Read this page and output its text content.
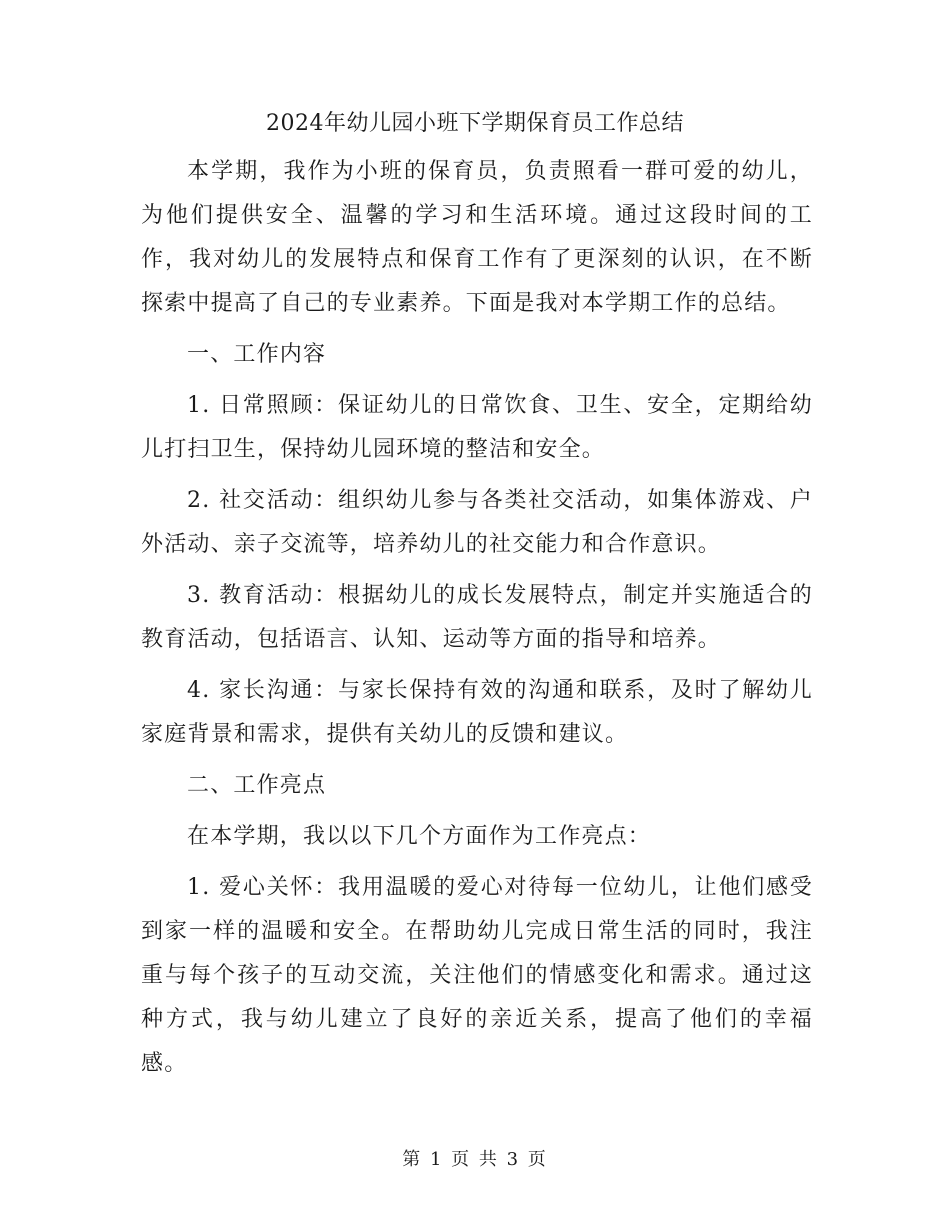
2024年幼儿园小班下学期保育员工作总结

本学期，我作为小班的保育员，负责照看一群可爱的幼儿，为他们提供安全、温馨的学习和生活环境。通过这段时间的工作，我对幼儿的发展特点和保育工作有了更深刻的认识，在不断探索中提高了自己的专业素养。下面是我对本学期工作的总结。

一、工作内容

1. 日常照顾：保证幼儿的日常饮食、卫生、安全，定期给幼儿打扫卫生，保持幼儿园环境的整洁和安全。

2. 社交活动：组织幼儿参与各类社交活动，如集体游戏、户外活动、亲子交流等，培养幼儿的社交能力和合作意识。

3. 教育活动：根据幼儿的成长发展特点，制定并实施适合的教育活动，包括语言、认知、运动等方面的指导和培养。

4. 家长沟通：与家长保持有效的沟通和联系，及时了解幼儿家庭背景和需求，提供有关幼儿的反馈和建议。

二、工作亮点

在本学期，我以以下几个方面作为工作亮点：

1. 爱心关怀：我用温暖的爱心对待每一位幼儿，让他们感受到家一样的温暖和安全。在帮助幼儿完成日常生活的同时，我注重与每个孩子的互动交流，关注他们的情感变化和需求。通过这种方式，我与幼儿建立了良好的亲近关系，提高了他们的幸福感。

第 1 页 共 3 页
